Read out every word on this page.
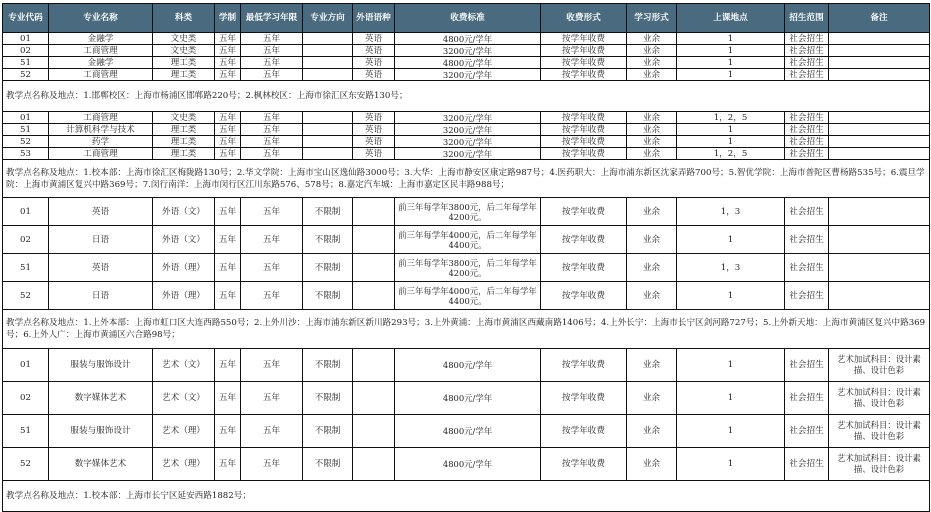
专业代码	专业名称	科类	学制	最低学习年限	专业方向	外语语种	收费标准	收费形式	学习形式	上课地点	招生范围	备注
01	金融学	文史类	五年	五年		英语	4800元/学年	按学年收费	业余	1	社会招生	
02	工商管理	文史类	五年	五年		英语	3200元/学年	按学年收费	业余	1	社会招生	
51	金融学	理工类	五年	五年		英语	4800元/学年	按学年收费	业余	1	社会招生	
52	工商管理	理工类	五年	五年		英语	3200元/学年	按学年收费	业余	1	社会招生	
教学点名称及地点：1.邯郸校区：上海市杨浦区邯郸路220号；2.枫林校区：上海市徐汇区东安路130号；												
01	工商管理	文史类	五年	五年		英语	3200元/学年	按学年收费	业余	1，2，5	社会招生	
51	计算机科学与技术	理工类	五年	五年		英语	3200元/学年	按学年收费	业余	1	社会招生	
52	药学	理工类	五年	五年		英语	3200元/学年	按学年收费	业余	1	社会招生	
53	工商管理	理工类	五年	五年		英语	3200元/学年	按学年收费	业余	1，2，5	社会招生	
教学点名称及地点：1.校本部：上海市徐汇区梅陇路130号；2.华文学院：上海市宝山区逸仙路3000号；3.大华：上海市静安区康定路987号；4.医药职大：上海市浦东新区沈家弄路700号；5.智优学院：上海市普陀区曹杨路535号；6.震旦学院：上海市黄浦区复兴中路369号；7.闵行南洋：上海市闵行区江川东路576、578号；8.嘉定汽车城：上海市嘉定区民丰路988号；												
01	英语	外语（文）	五年	五年	不限制		前三年每学年3800元，后二年每学年4200元。	按学年收费	业余	1，3	社会招生	
02	日语	外语（文）	五年	五年	不限制		前三年每学年4000元，后二年每学年4400元。	按学年收费	业余	1	社会招生	
51	英语	外语（理）	五年	五年	不限制		前三年每学年3800元，后二年每学年4200元。	按学年收费	业余	1，3	社会招生	
52	日语	外语（理）	五年	五年	不限制		前三年每学年4000元，后二年每学年4400元。	按学年收费	业余	1	社会招生	
教学点名称及地点：1.上外本部：上海市虹口区大连西路550号；2.上外川沙：上海市浦东新区新川路293号；3.上外黄浦：上海市黄浦区西藏南路1406号；4.上外长宁：上海市长宁区剑河路727号；5.上外新天地：上海市黄浦区复兴中路369号；6.上外人广：上海市黄浦区六合路98号；												
01	服装与服饰设计	艺术（文）	五年	五年	不限制		4800元/学年	按学年收费	业余	1	社会招生	艺术加试科目：设计素描、设计色彩
02	数字媒体艺术	艺术（文）	五年	五年	不限制		4800元/学年	按学年收费	业余	1	社会招生	艺术加试科目：设计素描、设计色彩
51	服装与服饰设计	艺术（理）	五年	五年	不限制		4800元/学年	按学年收费	业余	1	社会招生	艺术加试科目：设计素描、设计色彩
52	数字媒体艺术	艺术（理）	五年	五年	不限制		4800元/学年	按学年收费	业余	1	社会招生	艺术加试科目：设计素描、设计色彩
教学点名称及地点：1.校本部：上海市长宁区延安西路1882号；												
